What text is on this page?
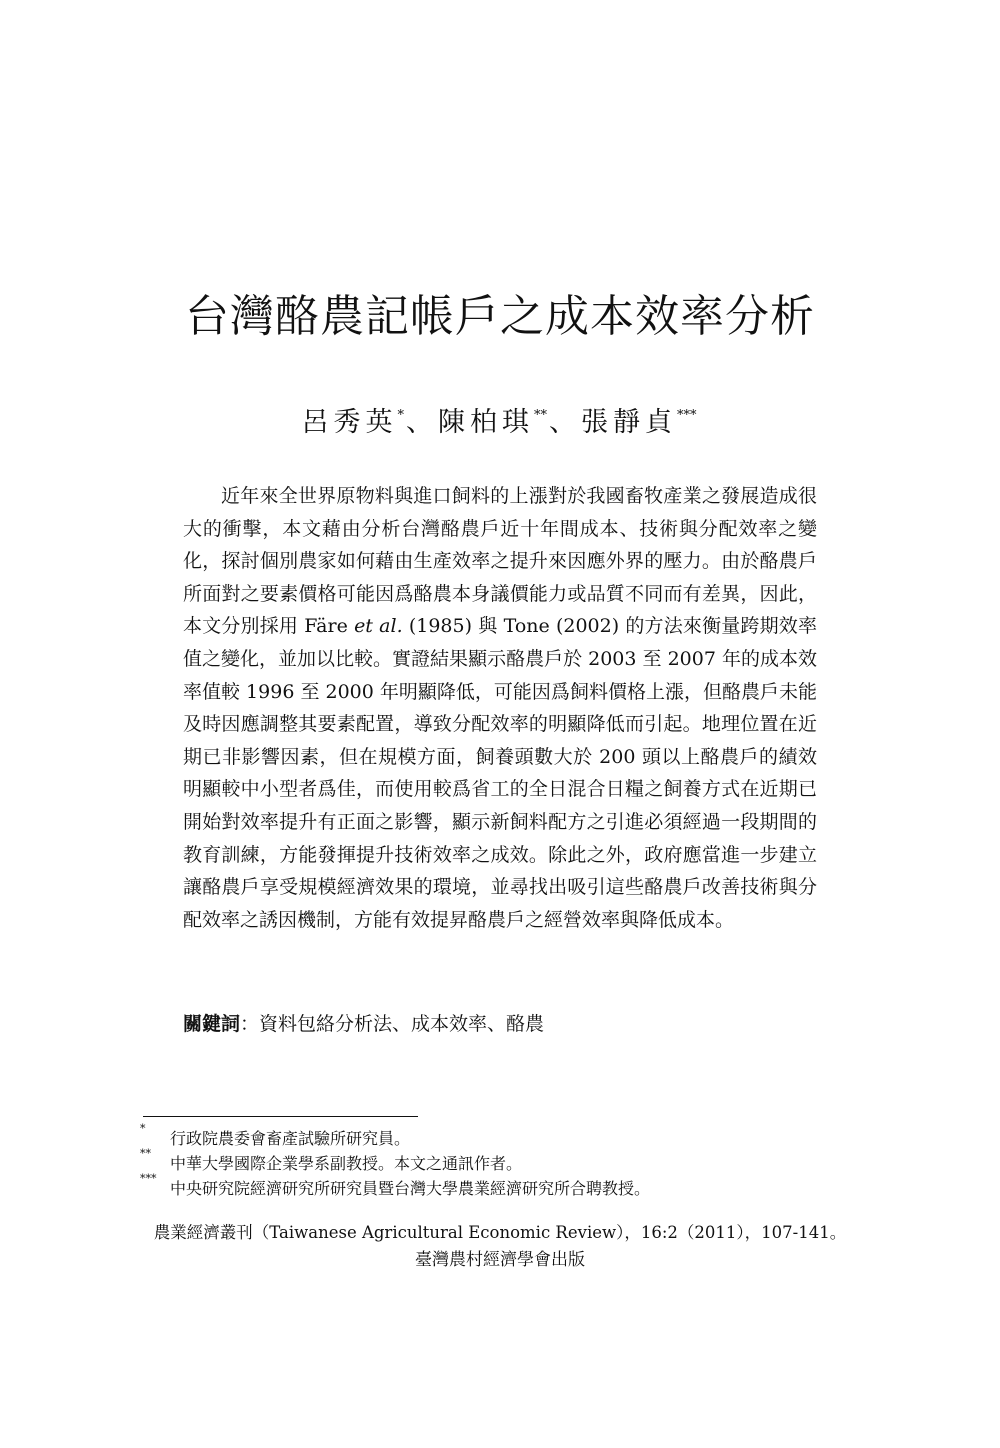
台灣酪農記帳戶之成本效率分析
呂秀英*、陳柏琪**、張靜貞***

近年來全世界原物料與進口飼料的上漲對於我國畜牧產業之發展造成很大的衝擊，本文藉由分析台灣酪農戶近十年間成本、技術與分配效率之變化，探討個別農家如何藉由生產效率之提升來因應外界的壓力。由於酪農戶所面對之要素價格可能因爲酪農本身議價能力或品質不同而有差異，因此，本文分別採用 Färe et al. (1985) 與 Tone (2002) 的方法來衡量跨期效率值之變化，並加以比較。實證結果顯示酪農戶於 2003 至 2007 年的成本效率值較 1996 至 2000 年明顯降低，可能因爲飼料價格上漲，但酪農戶未能及時因應調整其要素配置，導致分配效率的明顯降低而引起。地理位置在近期已非影響因素，但在規模方面，飼養頭數大於 200 頭以上酪農戶的績效明顯較中小型者爲佳，而使用較爲省工的全日混合日糧之飼養方式在近期已開始對效率提升有正面之影響，顯示新飼料配方之引進必須經過一段期間的教育訓練，方能發揮提升技術效率之成效。除此之外，政府應當進一步建立讓酪農戶享受規模經濟效果的環境，並尋找出吸引這些酪農戶改善技術與分配效率之誘因機制，方能有效提昇酪農戶之經營效率與降低成本。

關鍵詞：資料包絡分析法、成本效率、酪農

*
行政院農委會畜產試驗所研究員。
**
中華大學國際企業學系副教授。本文之通訊作者。
***
中央研究院經濟研究所研究員暨台灣大學農業經濟研究所合聘教授。
農業經濟叢刊（Taiwanese Agricultural Economic Review），16:2（2011），107-141。
臺灣農村經濟學會出版
